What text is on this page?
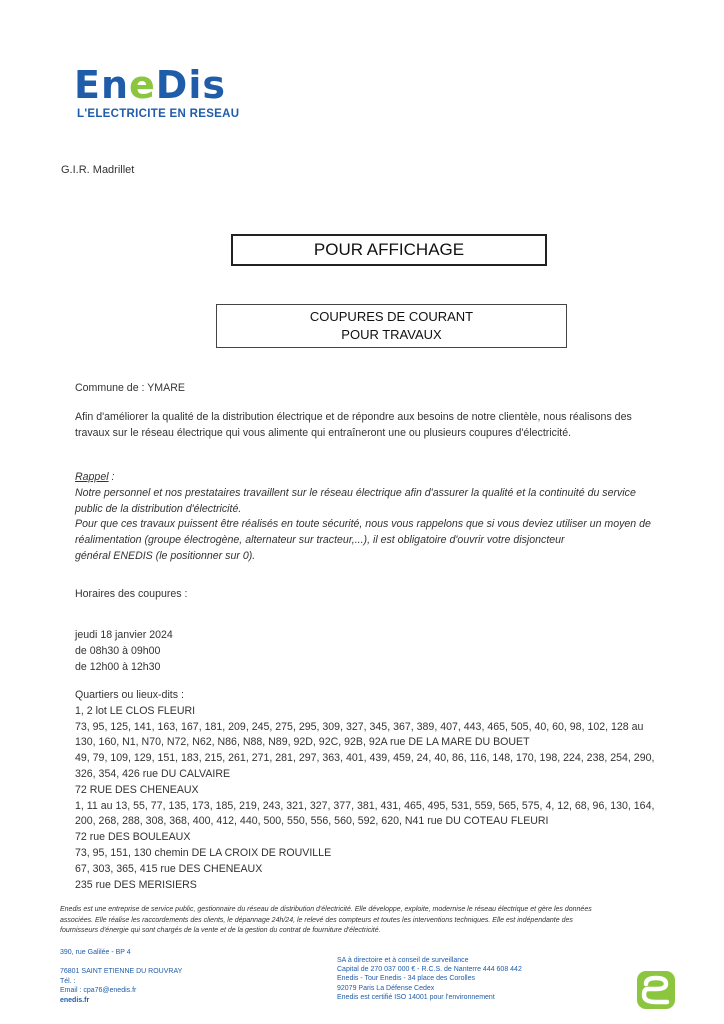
EneDis
L'ELECTRICITE EN RESEAU
G.I.R. Madrillet
POUR AFFICHAGE
COUPURES DE COURANT
POUR TRAVAUX
Commune de : YMARE
Afin d'améliorer la qualité de la distribution électrique et de répondre aux besoins de notre clientèle, nous réalisons des
travaux sur le réseau électrique qui vous alimente qui entraîneront une ou plusieurs coupures d'électricité.
Rappel :
Notre personnel et nos prestataires travaillent sur le réseau électrique afin d'assurer la qualité et la continuité du service
public de la distribution d'électricité.
Pour que ces travaux puissent être réalisés en toute sécurité, nous vous rappelons que si vous deviez utiliser un moyen de
réalimentation (groupe électrogène, alternateur sur tracteur,...), il est obligatoire d'ouvrir votre disjoncteur
général ENEDIS (le positionner sur 0).
Horaires des coupures :
jeudi 18 janvier 2024
de 08h30 à 09h00
de 12h00 à 12h30
Quartiers ou lieux-dits :
1, 2 lot LE CLOS FLEURI
73, 95, 125, 141, 163, 167, 181, 209, 245, 275, 295, 309, 327, 345, 367, 389, 407, 443, 465, 505, 40, 60, 98, 102, 128 au
130, 160, N1, N70, N72, N62, N86, N88, N89, 92D, 92C, 92B, 92A rue DE LA MARE DU BOUET
49, 79, 109, 129, 151, 183, 215, 261, 271, 281, 297, 363, 401, 439, 459, 24, 40, 86, 116, 148, 170, 198, 224, 238, 254, 290,
326, 354, 426 rue DU CALVAIRE
72 RUE DES CHENEAUX
1, 11 au 13, 55, 77, 135, 173, 185, 219, 243, 321, 327, 377, 381, 431, 465, 495, 531, 559, 565, 575, 4, 12, 68, 96, 130, 164,
200, 268, 288, 308, 368, 400, 412, 440, 500, 550, 556, 560, 592, 620, N41 rue DU COTEAU FLEURI
72 rue DES BOULEAUX
73, 95, 151, 130 chemin DE LA CROIX DE ROUVILLE
67, 303, 365, 415 rue DES CHENEAUX
235 rue DES MERISIERS
Enedis est une entreprise de service public, gestionnaire du réseau de distribution d'électricité. Elle développe, exploite, modernise le réseau électrique et gère les données
associées. Elle réalise les raccordements des clients, le dépannage 24h/24, le relevé des compteurs et toutes les interventions techniques. Elle est indépendante des
fournisseurs d'énergie qui sont chargés de la vente et de la gestion du contrat de fourniture d'électricité.
390, rue Galilée - BP 4

76801 SAINT ETIENNE DU ROUVRAY
Tél. :
Email : cpa76@enedis.fr
enedis.fr
SA à directoire et à conseil de surveillance
Capital de 270 037 000 € - R.C.S. de Nanterre 444 608 442
Enedis - Tour Enedis - 34 place des Corolles
92079 Paris La Défense Cedex
Enedis est certifié ISO 14001 pour l'environnement
